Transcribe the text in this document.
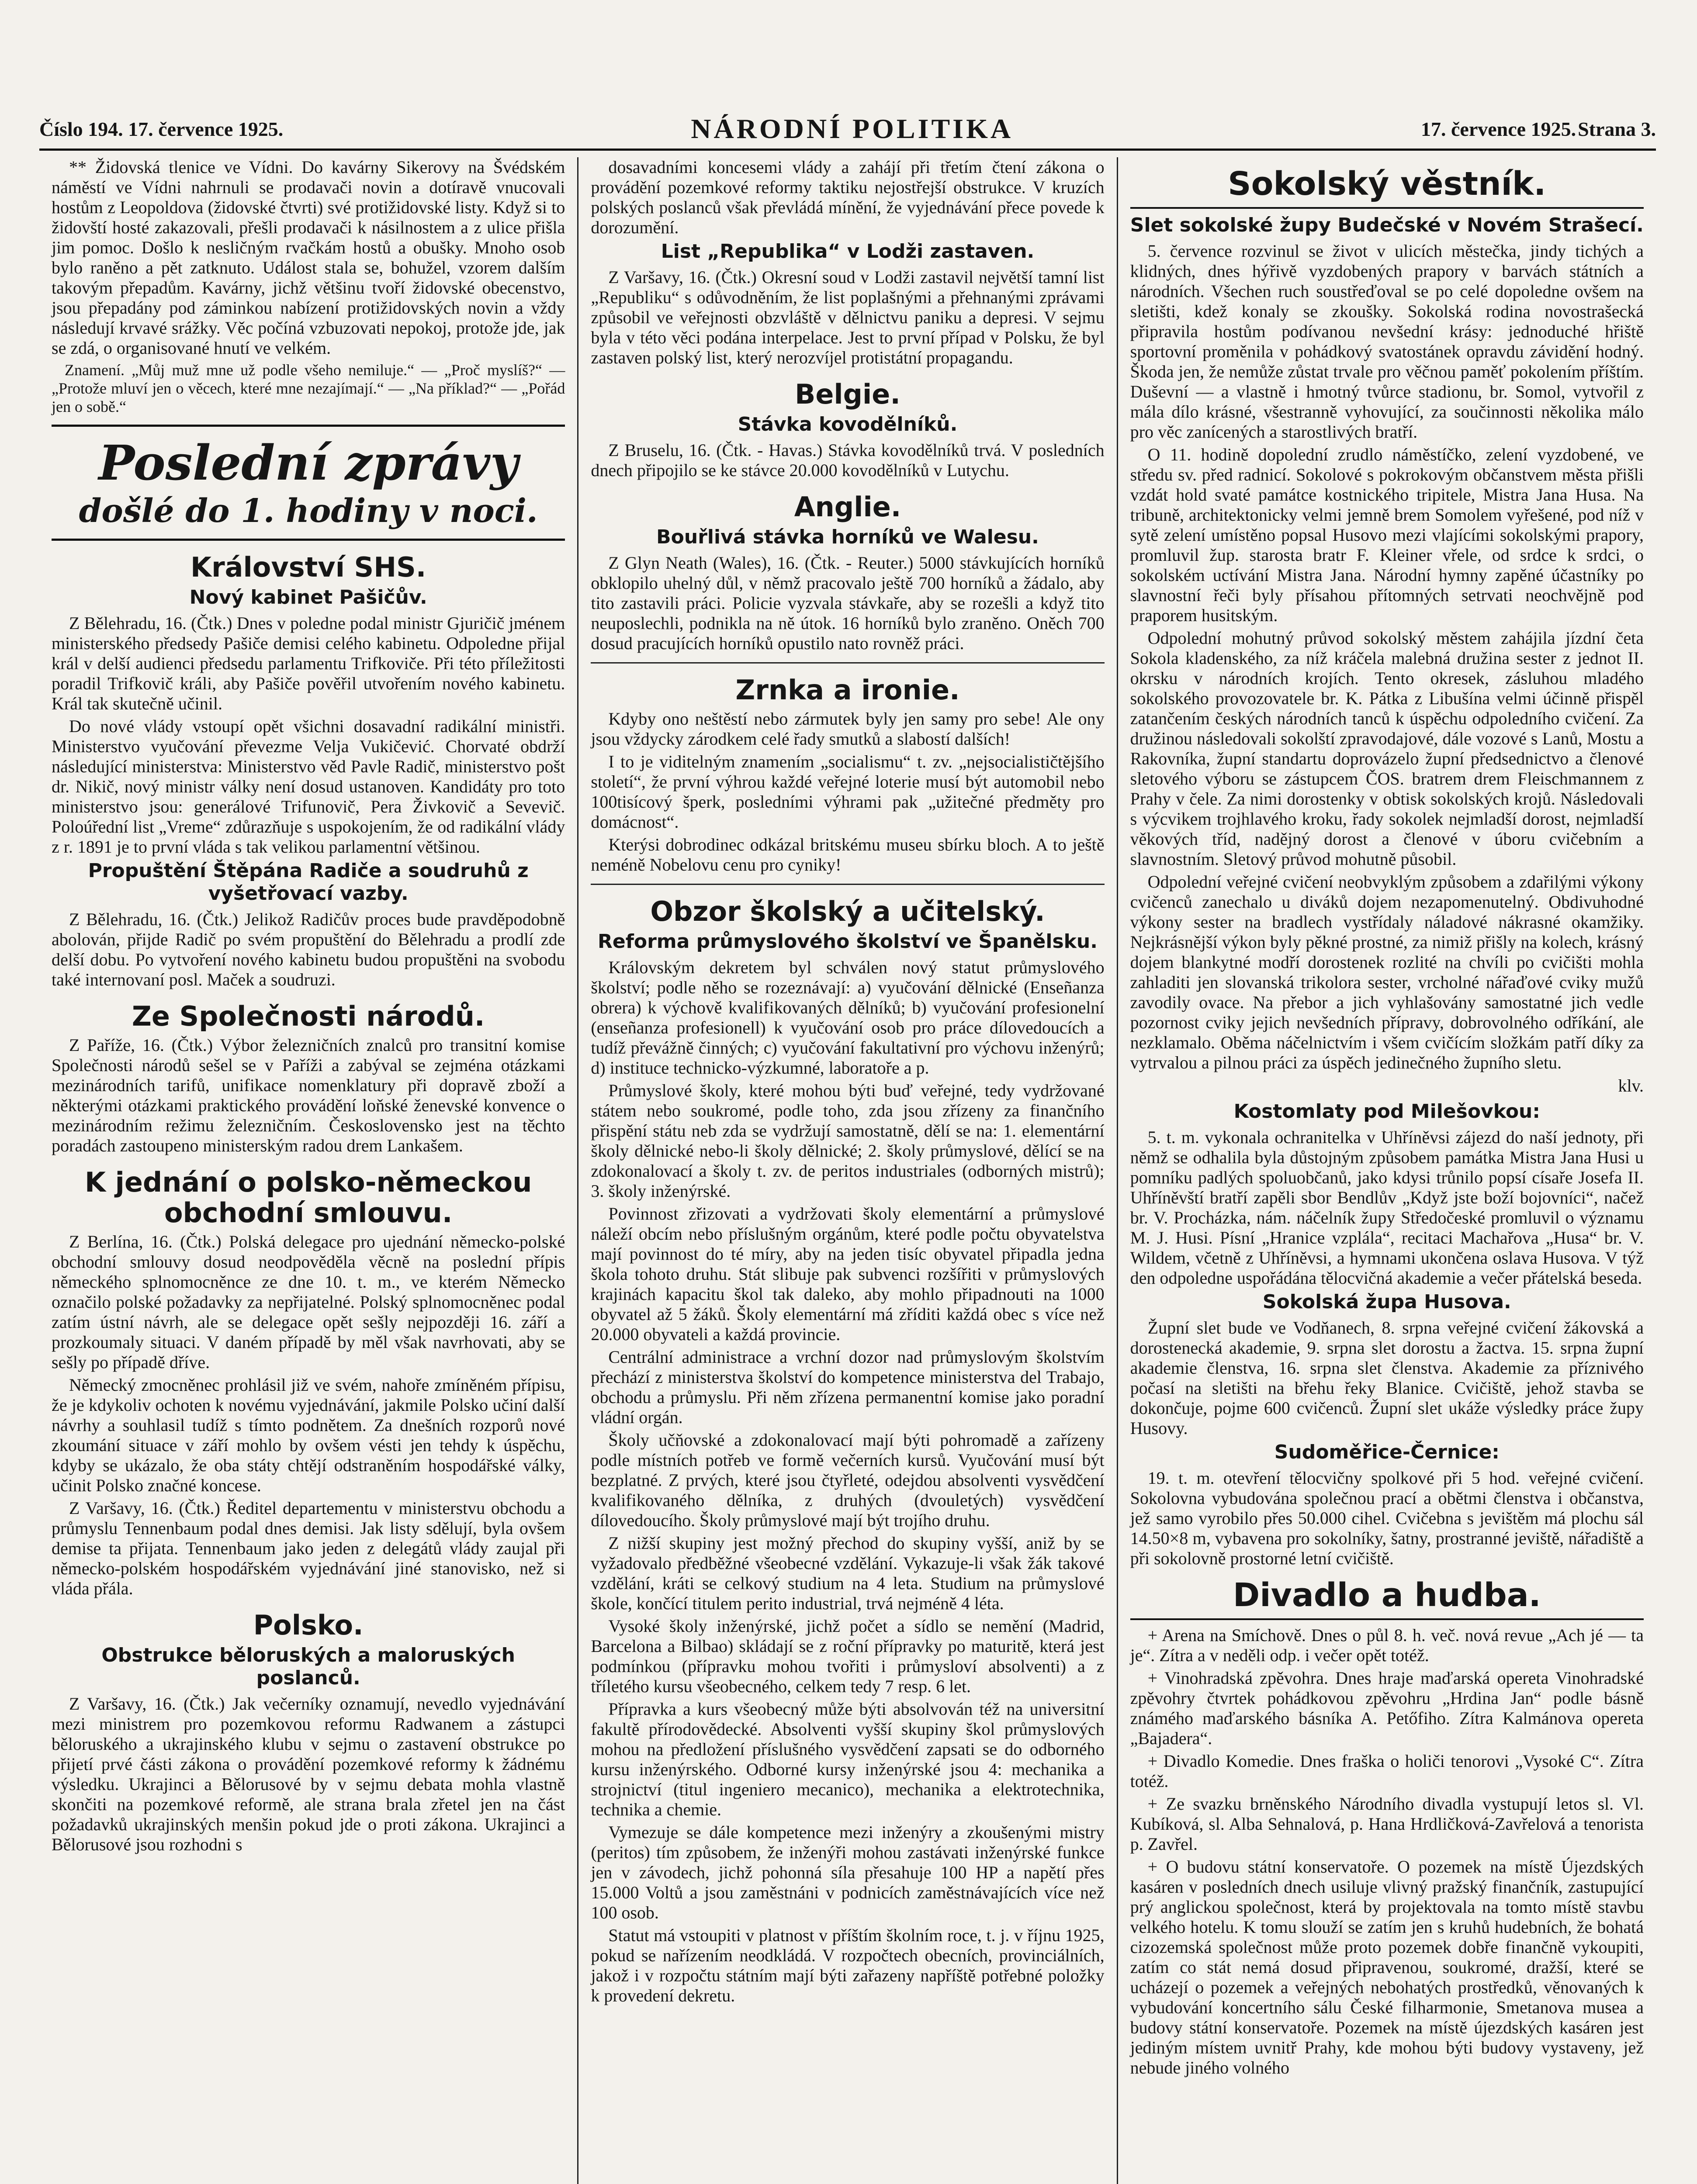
Číslo 194. 17. července 1925.	NÁRODNÍ POLITIKA	17. července 1925. Strana 3.

** Židovská tlenice ve Vídni. Do kavárny Sikerovy na Švédském náměstí ve Vídni nahrnuli se prodavači novin a dotíravě vnucovali hostům z Leopoldova (židovské čtvrti) své protižidovské listy. Když si to židovští hosté zakazovali, přešli prodavači k násilnostem a z ulice přišla jim pomoc. Došlo k nesličným rvačkám hostů a obušky. Mnoho osob bylo raněno a pět zatknuto. Událost stala se, bohužel, vzorem dalším takovým přepadům. Kavárny, jichž většinu tvoří židovské obecenstvo, jsou přepadány pod záminkou nabízení protižidovských novin a vždy následují krvavé srážky. Věc počíná vzbuzovati nepokoj, protože jde, jak se zdá, o organisované hnutí ve velkém.

Znamení. „Můj muž mne už podle všeho nemiluje.“ — „Proč myslíš?“ — „Protože mluví jen o věcech, které mne nezajímají.“ — „Na příklad?“ — „Pořád jen o sobě.“

Poslední zprávy
došlé do 1. hodiny v noci.
Království SHS.
Nový kabinet Pašičův.

Z Bělehradu, 16. (Čtk.) Dnes v poledne podal ministr Gjuričič jménem ministerského předsedy Pašiče demisi celého kabinetu. Odpoledne přijal král v delší audienci předsedu parlamentu Trifkoviče. Při této příležitosti poradil Trifkovič králi, aby Pašiče pověřil utvořením nového kabinetu. Král tak skutečně učinil.

Do nové vlády vstoupí opět všichni dosavadní radikální ministři. Ministerstvo vyučování převezme Velja Vukičević. Chorvaté obdrží následující ministerstva: Ministerstvo věd Pavle Radič, ministerstvo pošt dr. Nikič, nový ministr války není dosud ustanoven. Kandidáty pro toto ministerstvo jsou: generálové Trifunovič, Pera Živkovič a Sevevič. Poloúřední list „Vreme“ zdůrazňuje s uspokojením, že od radikální vlády z r. 1891 je to první vláda s tak velikou parlamentní většinou.

Propuštění Štěpána Radiče a soudruhů z vyšetřovací vazby.

Z Bělehradu, 16. (Čtk.) Jelikož Radičův proces bude pravděpodobně abolován, přijde Radič po svém propuštění do Bělehradu a prodlí zde delší dobu. Po vytvoření nového kabinetu budou propuštěni na svobodu také internovaní posl. Maček a soudruzi.

Ze Společnosti národů.

Z Paříže, 16. (Čtk.) Výbor železničních znalců pro transitní komise Společnosti národů sešel se v Paříži a zabýval se zejména otázkami mezinárodních tarifů, unifikace nomenklatury při dopravě zboží a některými otázkami praktického provádění loňské ženevské konvence o mezinárodním režimu železničním. Československo jest na těchto poradách zastoupeno ministerským radou drem Lankašem.

K jednání o polsko-německou obchodní smlouvu.

Z Berlína, 16. (Čtk.) Polská delegace pro ujednání německo-polské obchodní smlouvy dosud neodpověděla věcně na poslední přípis německého splnomocněnce ze dne 10. t. m., ve kterém Německo označilo polské požadavky za nepřijatelné. Polský splnomocněnec podal zatím ústní návrh, ale se delegace opět sešly nejpozději 16. září a prozkoumaly situaci. V daném případě by měl však navrhovati, aby se sešly po případě dříve.

Německý zmocněnec prohlásil již ve svém, nahoře zmíněném přípisu, že je kdykoliv ochoten k novému vyjednávání, jakmile Polsko učiní další návrhy a souhlasil tudíž s tímto podnětem. Za dnešních rozporů nové zkoumání situace v září mohlo by ovšem vésti jen tehdy k úspěchu, kdyby se ukázalo, že oba státy chtějí odstraněním hospodářské války, učinit Polsko značné koncese.

Z Varšavy, 16. (Čtk.) Ředitel departementu v ministerstvu obchodu a průmyslu Tennenbaum podal dnes demisi. Jak listy sdělují, byla ovšem demise ta přijata. Tennenbaum jako jeden z delegátů vlády zaujal při německo-polském hospodářském vyjednávání jiné stanovisko, než si vláda přála.

Polsko.
Obstrukce běloruských a maloruských poslanců.

Z Varšavy, 16. (Čtk.) Jak večerníky oznamují, nevedlo vyjednávání mezi ministrem pro pozemkovou reformu Radwanem a zástupci běloruského a ukrajinského klubu v sejmu o zastavení obstrukce po přijetí prvé části zákona o provádění pozemkové reformy k žádnému výsledku. Ukrajinci a Bělorusové by v sejmu debata mohla vlastně skončiti na pozemkové reformě, ale strana brala zřetel jen na část požadavků ukrajinských menšin pokud jde o proti zákona. Ukrajinci a Bělorusové jsou rozhodni s

dosavadními koncesemi vlády a zahájí při třetím čtení zákona o provádění pozemkové reformy taktiku nejostřejší obstrukce. V kruzích polských poslanců však převládá mínění, že vyjednávání přece povede k dorozumění.

List „Republika“ v Lodži zastaven.

Z Varšavy, 16. (Čtk.) Okresní soud v Lodži zastavil největší tamní list „Republiku“ s odůvodněním, že list poplašnými a přehnanými zprávami způsobil ve veřejnosti obzvláště v dělnictvu paniku a depresi. V sejmu byla v této věci podána interpelace. Jest to první případ v Polsku, že byl zastaven polský list, který nerozvíjel protistátní propagandu.

Belgie.
Stávka kovodělníků.

Z Bruselu, 16. (Čtk. - Havas.) Stávka kovodělníků trvá. V posledních dnech připojilo se ke stávce 20.000 kovodělníků v Lutychu.

Anglie.
Bouřlivá stávka horníků ve Walesu.

Z Glyn Neath (Wales), 16. (Čtk. - Reuter.) 5000 stávkujících horníků obklopilo uhelný důl, v němž pracovalo ještě 700 horníků a žádalo, aby tito zastavili práci. Policie vyzvala stávkaře, aby se rozešli a když tito neuposlechli, podnikla na ně útok. 16 horníků bylo zraněno. Oněch 700 dosud pracujících horníků opustilo nato rovněž práci.

Zrnka a ironie.

Kdyby ono neštěstí nebo zármutek byly jen samy pro sebe! Ale ony jsou vždycky zárodkem celé řady smutků a slabostí dalších!

I to je viditelným znamením „socialismu“ t. zv. „nejsocialističtějšího století“, že první výhrou každé veřejné loterie musí být automobil nebo 100tisícový šperk, posledními výhrami pak „užitečné předměty pro domácnost“.

Kterýsi dobrodinec odkázal britskému museu sbírku bloch. A to ještě neméně Nobelovu cenu pro cyniky!

Obzor školský a učitelský.
Reforma průmyslového školství ve Španělsku.

Královským dekretem byl schválen nový statut průmyslového školství; podle něho se rozeznávají: a) vyučování dělnické (Enseñanza obrera) k výchově kvalifikovaných dělníků; b) vyučování profesionelní (enseñanza profesionell) k vyučování osob pro práce dílovedoucích a tudíž převážně činných; c) vyučování fakultativní pro výchovu inženýrů; d) instituce technicko-výzkumné, laboratoře a p.

Průmyslové školy, které mohou býti buď veřejné, tedy vydržované státem nebo soukromé, podle toho, zda jsou zřízeny za finančního přispění státu neb zda se vydržují samostatně, dělí se na: 1. elementární školy dělnické nebo-li školy dělnické; 2. školy průmyslové, dělící se na zdokonalovací a školy t. zv. de peritos industriales (odborných mistrů); 3. školy inženýrské.

Povinnost zřizovati a vydržovati školy elementární a průmyslové náleží obcím nebo příslušným orgánům, které podle počtu obyvatelstva mají povinnost do té míry, aby na jeden tisíc obyvatel připadla jedna škola tohoto druhu. Stát slibuje pak subvenci rozšířiti v průmyslových krajinách kapacitu škol tak daleko, aby mohlo připadnouti na 1000 obyvatel až 5 žáků. Školy elementární má zříditi každá obec s více než 20.000 obyvateli a každá provincie.

Centrální administrace a vrchní dozor nad průmyslovým školstvím přechází z ministerstva školství do kompetence ministerstva del Trabajo, obchodu a průmyslu. Při něm zřízena permanentní komise jako poradní vládní orgán.

Školy učňovské a zdokonalovací mají býti pohromadě a zařízeny podle místních potřeb ve formě večerních kursů. Vyučování musí být bezplatné. Z prvých, které jsou čtyřleté, odejdou absolventi vysvědčení kvalifikovaného dělníka, z druhých (dvouletých) vysvědčení dílovedoucího. Školy průmyslové mají být trojího druhu.

Z nižší skupiny jest možný přechod do skupiny vyšší, aniž by se vyžadovalo předběžné všeobecné vzdělání. Vykazuje-li však žák takové vzdělání, kráti se celkový studium na 4 leta. Studium na průmyslové škole, končící titulem perito industrial, trvá nejméně 4 léta.

Vysoké školy inženýrské, jichž počet a sídlo se nemění (Madrid, Barcelona a Bilbao) skládají se z roční přípravky po maturitě, která jest podmínkou (přípravku mohou tvořiti i průmysloví absolventi) a z tříletého kursu všeobecného, celkem tedy 7 resp. 6 let.

Přípravka a kurs všeobecný může býti absolvován též na universitní fakultě přírodovědecké. Absolventi vyšší skupiny škol průmyslových mohou na předložení příslušného vysvědčení zapsati se do odborného kursu inženýrského. Odborné kursy inženýrské jsou 4: mechanika a strojnictví (titul ingeniero mecanico), mechanika a elektrotechnika, technika a chemie.

Vymezuje se dále kompetence mezi inženýry a zkoušenými mistry (peritos) tím způsobem, že inženýři mohou zastávati inženýrské funkce jen v závodech, jichž pohonná síla přesahuje 100 HP a napětí přes 15.000 Voltů a jsou zaměstnáni v podnicích zaměstnávajících více než 100 osob.

Statut má vstoupiti v platnost v příštím školním roce, t. j. v říjnu 1925, pokud se nařízením neodkládá. V rozpočtech obecních, provinciálních, jakož i v rozpočtu státním mají býti zařazeny napříště potřebné položky k provedení dekretu.

Sokolský věstník.
Slet sokolské župy Budečské v Novém Strašecí.

5. července rozvinul se život v ulicích městečka, jindy tichých a klidných, dnes hýřivě vyzdobených prapory v barvách státních a národních. Všechen ruch soustřeďoval se po celé dopoledne ovšem na sletišti, kdež konaly se zkoušky. Sokolská rodina novostrašecká připravila hostům podívanou nevšední krásy: jednoduché hřiště sportovní proměnila v pohádkový svatostánek opravdu závidění hodný. Škoda jen, že nemůže zůstat trvale pro věčnou paměť pokolením příštím. Duševní — a vlastně i hmotný tvůrce stadionu, br. Somol, vytvořil z mála dílo krásné, všestranně vyhovující, za součinnosti několika málo pro věc zanícených a starostlivých bratří.

O 11. hodině dopolední zrudlo náměstíčko, zelení vyzdobené, ve středu sv. před radnicí. Sokolové s pokrokovým občanstvem města přišli vzdát hold svaté památce kostnického tripitele, Mistra Jana Husa. Na tribuně, architektonicky velmi jemně brem Somolem vyřešené, pod níž v sytě zelení umístěno popsal Husovo mezi vlajícími sokolskými prapory, promluvil žup. starosta bratr F. Kleiner vřele, od srdce k srdci, o sokolském uctívání Mistra Jana. Národní hymny zapěné účastníky po slavnostní řeči byly přísahou přítomných setrvati neochvějně pod praporem husitským.

Odpolední mohutný průvod sokolský městem zahájila jízdní četa Sokola kladenského, za níž kráčela malebná družina sester z jednot II. okrsku v národních krojích. Tento okresek, zásluhou mladého sokolského provozovatele br. K. Pátka z Libušína velmi účinně přispěl zatančením českých národních tanců k úspěchu odpoledního cvičení. Za družinou následovali sokolští zpravodajové, dále vozové s Lanů, Mostu a Rakovníka, župní standartu doprovázelo župní předsednictvo a členové sletového výboru se zástupcem ČOS. bratrem drem Fleischmannem z Prahy v čele. Za nimi dorostenky v obtisk sokolských krojů. Následovali s výcvikem trojhlavého kroku, řady sokolek nejmladší dorost, nejmladší věkových tříd, nadějný dorost a členové v úboru cvičebním a slavnostním. Sletový průvod mohutně působil.

Odpolední veřejné cvičení neobvyklým způsobem a zdařilými výkony cvičenců zanechalo u diváků dojem nezapomenutelný. Obdivuhodné výkony sester na bradlech vystřídaly náladové nákrasné okamžiky. Nejkrásnější výkon byly pěkné prostné, za nimiž přišly na kolech, krásný dojem blankytné modří dorostenek rozlité na chvíli po cvičišti mohla zahladiti jen slovanská trikolora sester, vrcholné nářaďové cviky mužů zavodily ovace. Na přebor a jich vyhlašovány samostatné jich vedle pozornost cviky jejich nevšedních přípravy, dobrovolného odříkání, ale nezklamalo. Oběma náčelnictvím i všem cvičícím složkám patří díky za vytrvalou a pilnou práci za úspěch jedinečného župního sletu.

klv.
Kostomlaty pod Milešovkou:

5. t. m. vykonala ochranitelka v Uhříněvsi zájezd do naší jednoty, při němž se odhalila byla důstojným způsobem památka Mistra Jana Husi u pomníku padlých spoluobčanů, jako kdysi trůnilo popsí císaře Josefa II. Uhříněvští bratří zapěli sbor Bendlův „Když jste boží bojovníci“, načež br. V. Procházka, nám. náčelník župy Středočeské promluvil o významu M. J. Husi. Písní „Hranice vzplála“, recitaci Machařova „Husa“ br. V. Wildem, včetně z Uhříněvsi, a hymnami ukončena oslava Husova. V týž den odpoledne uspořádána tělocvičná akademie a večer přátelská beseda.

Sokolská župa Husova.

Župní slet bude ve Vodňanech, 8. srpna veřejné cvičení žákovská a dorostenecká akademie, 9. srpna slet dorostu a žactva. 15. srpna župní akademie členstva, 16. srpna slet členstva. Akademie za příznivého počasí na sletišti na břehu řeky Blanice. Cvičiště, jehož stavba se dokončuje, pojme 600 cvičenců. Župní slet ukáže výsledky práce župy Husovy.

Sudoměřice-Černice:

19. t. m. otevření tělocvičny spolkové při 5 hod. veřejné cvičení. Sokolovna vybudována společnou prací a obětmi členstva i občanstva, jež samo vyrobilo přes 50.000 cihel. Cvičebna s jevištěm má plochu sál 14.50×8 m, vybavena pro sokolníky, šatny, prostranné jeviště, nářadiště a při sokolovně prostorné letní cvičiště.

Divadlo a hudba.

+ Arena na Smíchově. Dnes o půl 8. h. več. nová revue „Ach jé — ta je“. Zítra a v neděli odp. i večer opět totéž.

+ Vinohradská zpěvohra. Dnes hraje maďarská opereta Vinohradské zpěvohry čtvrtek pohádkovou zpěvohru „Hrdina Jan“ podle básně známého maďarského básníka A. Petőfiho. Zítra Kalmánova opereta „Bajadera“.

+ Divadlo Komedie. Dnes fraška o holiči tenorovi „Vysoké C“. Zítra totéž.

+ Ze svazku brněnského Národního divadla vystupují letos sl. Vl. Kubíková, sl. Alba Sehnalová, p. Hana Hrdličková-Zavřelová a tenorista p. Zavřel.

+ O budovu státní konservatoře. O pozemek na místě Újezdských kasáren v posledních dnech usiluje vlivný pražský finančník, zastupující prý anglickou společnost, která by projektovala na tomto místě stavbu velkého hotelu. K tomu slouží se zatím jen s kruhů hudebních, že bohatá cizozemská společnost může proto pozemek dobře finančně vykoupiti, zatím co stát nemá dosud připravenou, soukromé, dražší, které se ucházejí o pozemek a veřejných nebohatých prostředků, věnovaných k vybudování koncertního sálu České filharmonie, Smetanova musea a budovy státní konservatoře. Pozemek na místě újezdských kasáren jest jediným místem uvnitř Prahy, kde mohou býti budovy vystaveny, jež nebude jiného volného
